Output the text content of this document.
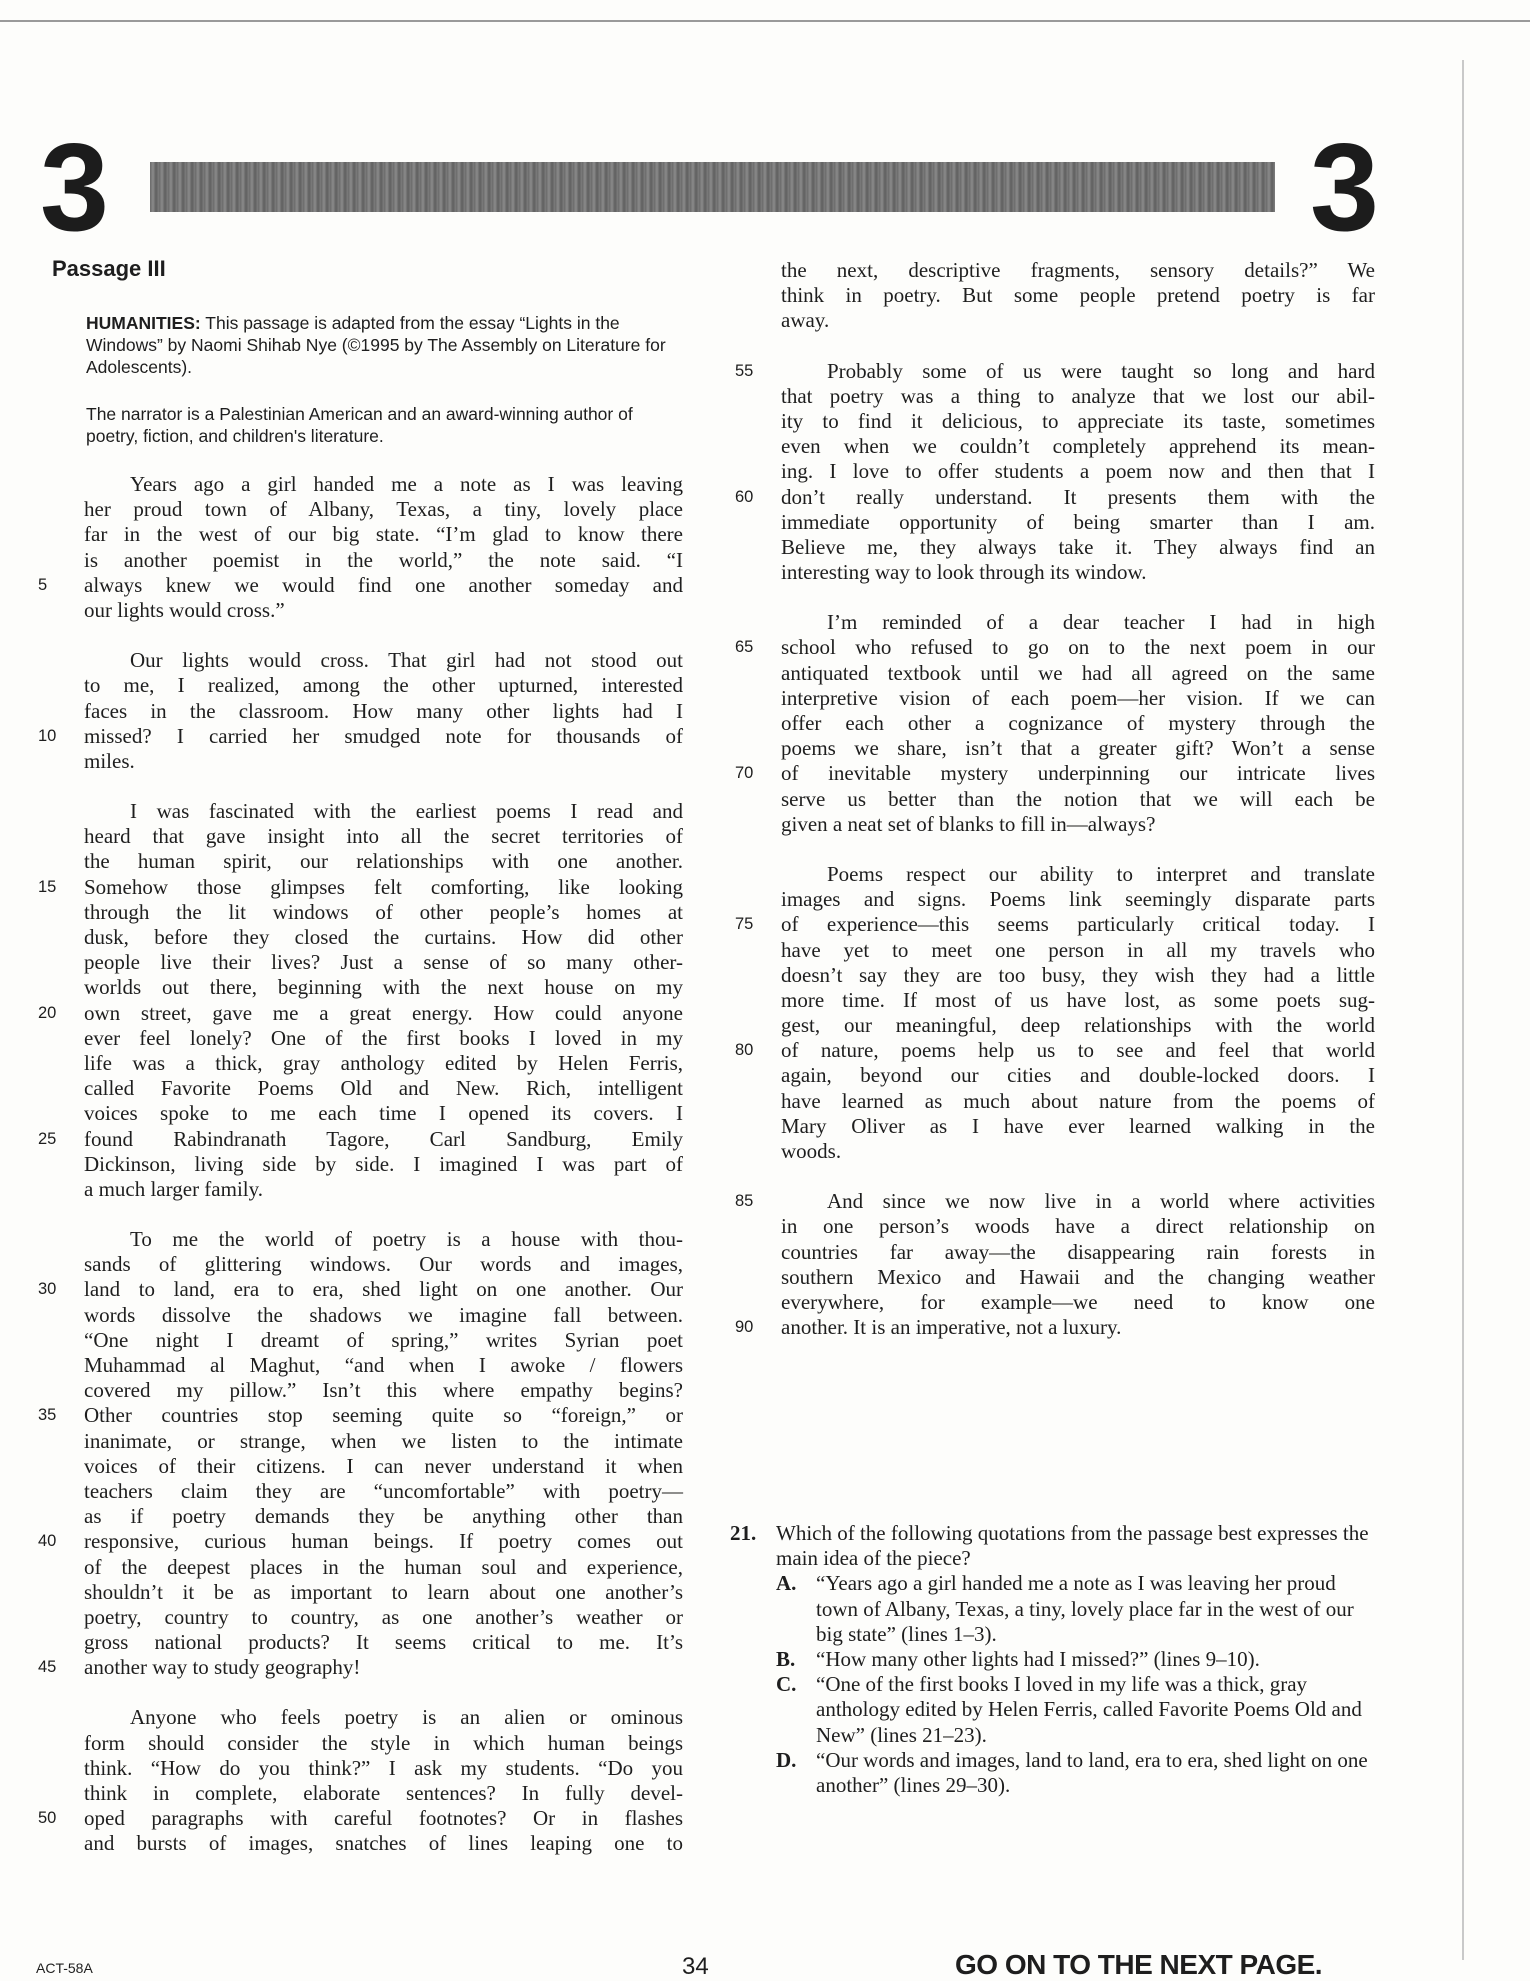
3	3
Passage III
HUMANITIES: This passage is adapted from the essay “Lights in the Windows” by Naomi Shihab Nye (©1995 by The Assembly on Literature for Adolescents).
The narrator is a Palestinian American and an award-winning author of poetry, fiction, and children's literature.
Years ago a girl handed me a note as I was leaving
her proud town of Albany, Texas, a tiny, lovely place
far in the west of our big state. “I’m glad to know there
is another poemist in the world,” the note said. “I
5	always knew we would find one another someday and
our lights would cross.”
Our lights would cross. That girl had not stood out
to me, I realized, among the other upturned, interested
faces in the classroom. How many other lights had I
10	missed? I carried her smudged note for thousands of
miles.
I was fascinated with the earliest poems I read and
heard that gave insight into all the secret territories of
the human spirit, our relationships with one another.
15	Somehow those glimpses felt comforting, like looking
through the lit windows of other people’s homes at
dusk, before they closed the curtains. How did other
people live their lives? Just a sense of so many other-
worlds out there, beginning with the next house on my
20	own street, gave me a great energy. How could anyone
ever feel lonely? One of the first books I loved in my
life was a thick, gray anthology edited by Helen Ferris,
called Favorite Poems Old and New. Rich, intelligent
voices spoke to me each time I opened its covers. I
25	found Rabindranath Tagore, Carl Sandburg, Emily
Dickinson, living side by side. I imagined I was part of
a much larger family.
To me the world of poetry is a house with thou-
sands of glittering windows. Our words and images,
30	land to land, era to era, shed light on one another. Our
words dissolve the shadows we imagine fall between.
“One night I dreamt of spring,” writes Syrian poet
Muhammad al Maghut, “and when I awoke / flowers
covered my pillow.” Isn’t this where empathy begins?
35	Other countries stop seeming quite so “foreign,” or
inanimate, or strange, when we listen to the intimate
voices of their citizens. I can never understand it when
teachers claim they are “uncomfortable” with poetry—
as if poetry demands they be anything other than
40	responsive, curious human beings. If poetry comes out
of the deepest places in the human soul and experience,
shouldn’t it be as important to learn about one another’s
poetry, country to country, as one another’s weather or
gross national products? It seems critical to me. It’s
45	another way to study geography!
Anyone who feels poetry is an alien or ominous
form should consider the style in which human beings
think. “How do you think?” I ask my students. “Do you
think in complete, elaborate sentences? In fully devel-
50	oped paragraphs with careful footnotes? Or in flashes
and bursts of images, snatches of lines leaping one to
the next, descriptive fragments, sensory details?” We
think in poetry. But some people pretend poetry is far
away.
55	Probably some of us were taught so long and hard
that poetry was a thing to analyze that we lost our abil-
ity to find it delicious, to appreciate its taste, sometimes
even when we couldn’t completely apprehend its mean-
ing. I love to offer students a poem now and then that I
60	don’t really understand. It presents them with the
immediate opportunity of being smarter than I am.
Believe me, they always take it. They always find an
interesting way to look through its window.
I’m reminded of a dear teacher I had in high
65	school who refused to go on to the next poem in our
antiquated textbook until we had all agreed on the same
interpretive vision of each poem—her vision. If we can
offer each other a cognizance of mystery through the
poems we share, isn’t that a greater gift? Won’t a sense
70	of inevitable mystery underpinning our intricate lives
serve us better than the notion that we will each be
given a neat set of blanks to fill in—always?
Poems respect our ability to interpret and translate
images and signs. Poems link seemingly disparate parts
75	of experience—this seems particularly critical today. I
have yet to meet one person in all my travels who
doesn’t say they are too busy, they wish they had a little
more time. If most of us have lost, as some poets sug-
gest, our meaningful, deep relationships with the world
80	of nature, poems help us to see and feel that world
again, beyond our cities and double-locked doors. I
have learned as much about nature from the poems of
Mary Oliver as I have ever learned walking in the
woods.
85	And since we now live in a world where activities
in one person’s woods have a direct relationship on
countries far away—the disappearing rain forests in
southern Mexico and Hawaii and the changing weather
everywhere, for example—we need to know one
90	another. It is an imperative, not a luxury.
21. Which of the following quotations from the passage best expresses the main idea of the piece?
A. “Years ago a girl handed me a note as I was leaving her proud town of Albany, Texas, a tiny, lovely place far in the west of our big state” (lines 1–3).
B. “How many other lights had I missed?” (lines 9–10).
C. “One of the first books I loved in my life was a thick, gray anthology edited by Helen Ferris, called Favorite Poems Old and New” (lines 21–23).
D. “Our words and images, land to land, era to era, shed light on one another” (lines 29–30).
ACT-58A	34	GO ON TO THE NEXT PAGE.
